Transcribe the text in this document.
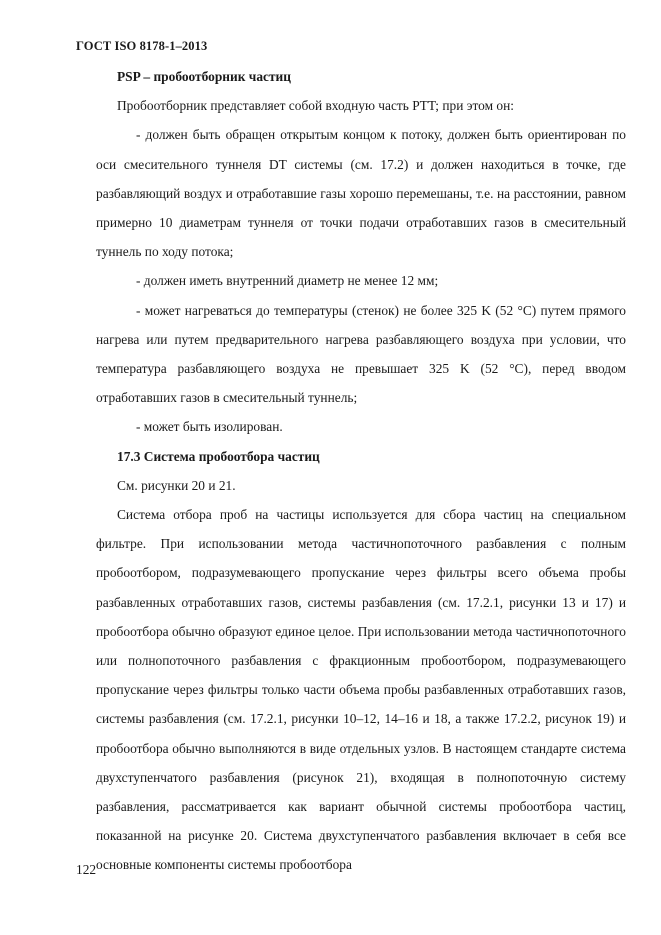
ГОСТ ISO 8178-1–2013

PSP – пробоотборник частиц

Пробоотборник представляет собой входную часть PTT; при этом он:

- должен быть обращен открытым концом к потоку, должен быть ориентирован по оси смесительного туннеля DT системы (см. 17.2) и должен находиться в точке, где разбавляющий воздух и отработавшие газы хорошо перемешаны, т.е. на расстоянии, равном примерно 10 диаметрам туннеля от точки подачи отработавших газов в смесительный туннель по ходу потока;

- должен иметь внутренний диаметр не менее 12 мм;

- может нагреваться до температуры (стенок) не более 325 K (52 °C) путем прямого нагрева или путем предварительного нагрева разбавляющего воздуха при условии, что температура разбавляющего воздуха не превышает 325 K (52 °C), перед вводом отработавших газов в смесительный туннель;

- может быть изолирован.

17.3 Система пробоотбора частиц

См. рисунки 20 и 21.

Система отбора проб на частицы используется для сбора частиц на специальном фильтре. При использовании метода частичнопоточного разбавления с полным пробоотбором, подразумевающего пропускание через фильтры всего объема пробы разбавленных отработавших газов, системы разбавления (см. 17.2.1, рисунки 13 и 17) и пробоотбора обычно образуют единое целое. При использовании метода частичнопоточного или полнопоточного разбавления с фракционным пробоотбором, подразумевающего пропускание через фильтры только части объема пробы разбавленных отработавших газов, системы разбавления (см. 17.2.1, рисунки 10–12, 14–16 и 18, а также 17.2.2, рисунок 19) и пробоотбора обычно выполняются в виде отдельных узлов. В настоящем стандарте система двухступенчатого разбавления (рисунок 21), входящая в полнопоточную систему разбавления, рассматривается как вариант обычной системы пробоотбора частиц, показанной на рисунке 20. Система двухступенчатого разбавления включает в себя все основные компоненты системы пробоотбора

122
